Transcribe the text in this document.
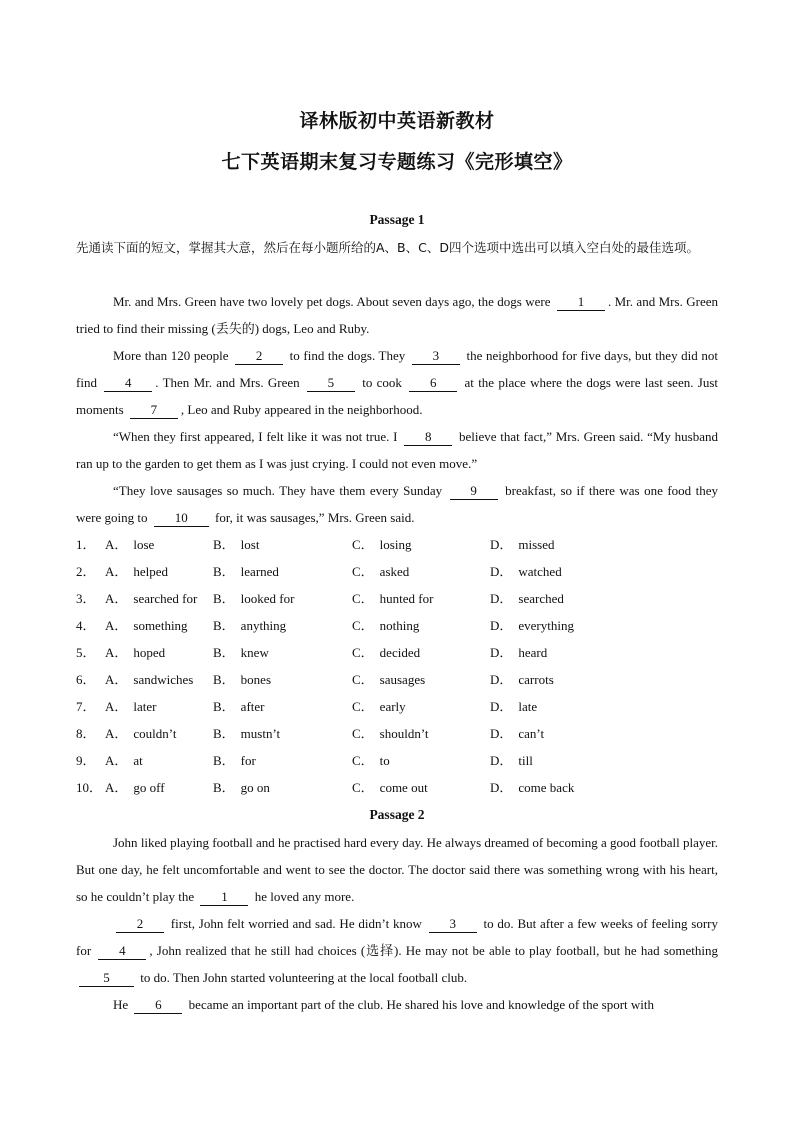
译林版初中英语新教材
七下英语期末复习专题练习《完形填空》
Passage 1
先通读下面的短文，掌握其大意，然后在每小题所给的A、B、C、D四个选项中选出可以填入空白处的最佳选项。
Mr. and Mrs. Green have two lovely pet dogs. About seven days ago, the dogs were 1 . Mr. and Mrs. Green tried to find their missing (丢失的) dogs, Leo and Ruby.
More than 120 people 2 to find the dogs. They 3 the neighborhood for five days, but they did not find 4 . Then Mr. and Mrs. Green 5 to cook 6 at the place where the dogs were last seen. Just moments 7 , Leo and Ruby appeared in the neighborhood.
“When they first appeared, I felt like it was not true. I 8 believe that fact,” Mrs. Green said. “My husband ran up to the garden to get them as I was just crying. I could not even move.”
“They love sausages so much. They have them every Sunday 9 breakfast, so if there was one food they were going to 10 for, it was sausages,” Mrs. Green said.
1． A． lose	B． lost	C． losing	D． missed
2． A． helped	B． learned	C． asked	D． watched
3． A． searched for B． looked for	C． hunted for	D． searched
4． A． something B． anything	C． nothing	D． everything
5． A． hoped	B． knew	C． decided	D． heard
6． A． sandwiches B． bones	C． sausages	D． carrots
7． A． later	B． after	C． early	D． late
8． A． couldn’t	B． mustn’t	C． shouldn’t	D． can’t
9． A． at	B． for	C． to	D． till
10． A． go off	B． go on	C． come out	D． come back
Passage 2
John liked playing football and he practised hard every day. He always dreamed of becoming a good football player. But one day, he felt uncomfortable and went to see the doctor. The doctor said there was something wrong with his heart, so he couldn’t play the 1 he loved any more.
2 first, John felt worried and sad. He didn’t know 3 to do. But after a few weeks of feeling sorry for 4 , John realized that he still had choices (选择). He may not be able to play football, but he had something 5 to do. Then John started volunteering at the local football club.
He 6 became an important part of the club. He shared his love and knowledge of the sport with
